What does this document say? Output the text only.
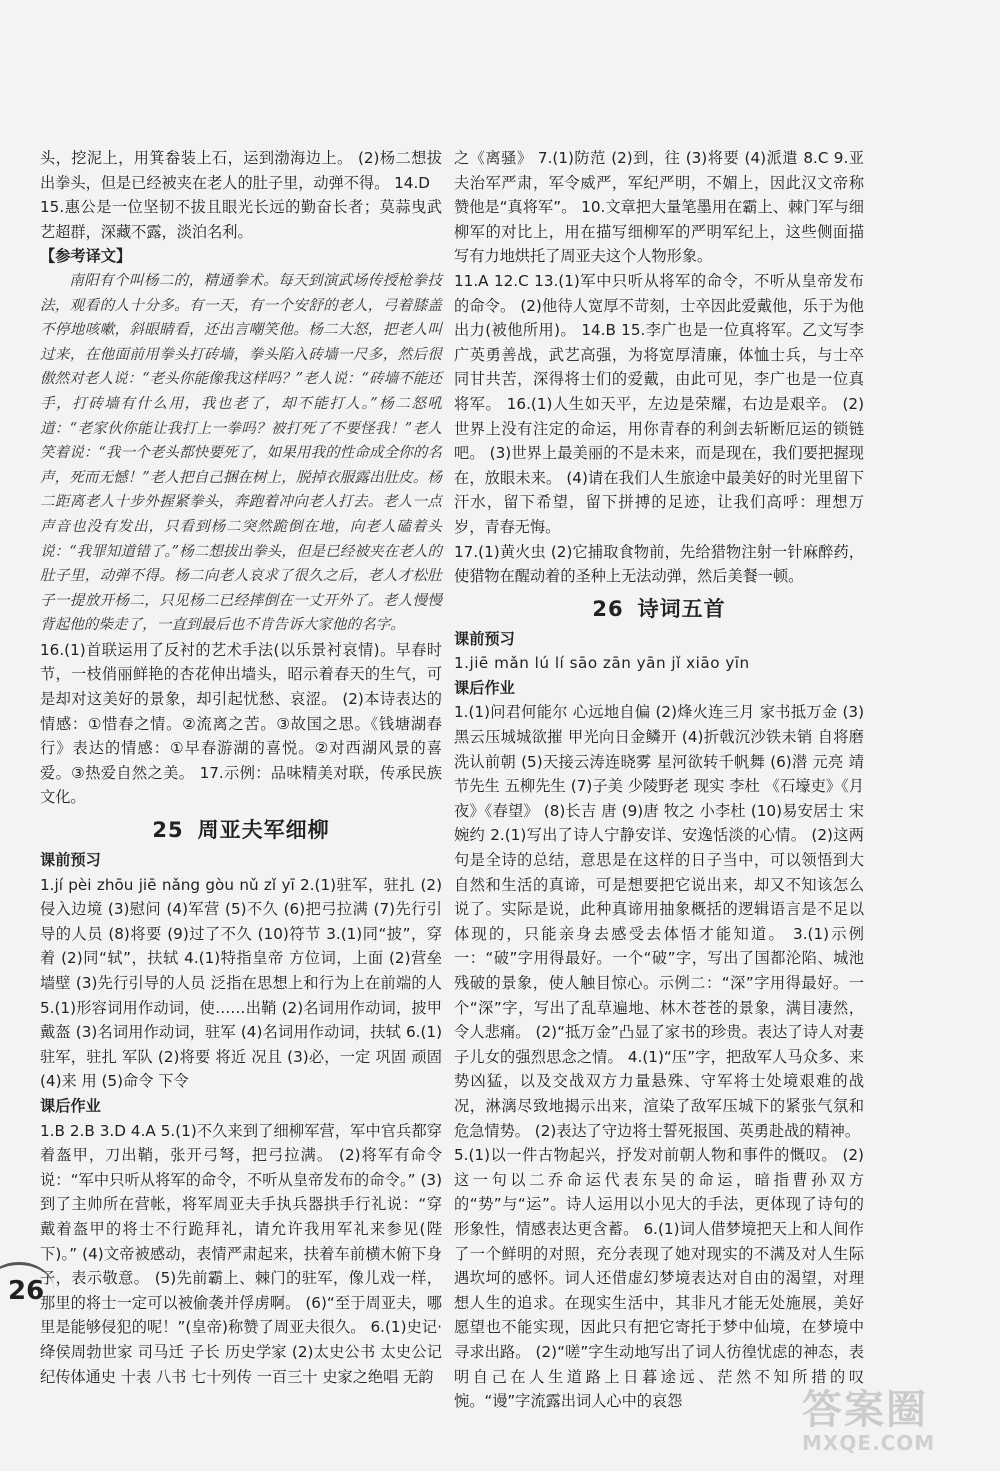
头，挖泥上，用箕畚装上石，运到渤海边上。 (2)杨二想拔出拳头，但是已经被夹在老人的肚子里，动弹不得。 14.D

15.惠公是一位坚韧不拔且眼光长远的勤奋长者；莫蒜曳武艺超群，深藏不露，淡泊名利。

【参考译文】

南阳有个叫杨二的，精通拳术。每天到演武场传授枪拳技法，观看的人十分多。有一天，有一个安舒的老人，弓着膝盖不停地咳嗽，斜眼睛看，还出言嘲笑他。杨二大怒，把老人叫过来，在他面前用拳头打砖墙，拳头陷入砖墙一尺多，然后很傲然对老人说：“老头你能像我这样吗？”老人说：“砖墙不能还手，打砖墙有什么用，我也老了，却不能打人。”杨二怒吼道：“老家伙你能让我打上一拳吗？被打死了不要怪我！”老人笑着说：“我一个老头都快要死了，如果用我的性命成全你的名声，死而无憾！”老人把自己捆在树上，脱掉衣服露出肚皮。杨二距离老人十步外握紧拳头，奔跑着冲向老人打去。老人一点声音也没有发出，只看到杨二突然跪倒在地，向老人磕着头说：“我罪知道错了。”杨二想拔出拳头，但是已经被夹在老人的肚子里，动弹不得。杨二向老人哀求了很久之后，老人才松肚子一提放开杨二，只见杨二已经摔倒在一丈开外了。老人慢慢背起他的柴走了，一直到最后也不肯告诉大家他的名字。

16.(1)首联运用了反衬的艺术手法(以乐景衬哀情)。早春时节，一枝俏丽鲜艳的杏花伸出墙头，昭示着春天的生气，可是却对这美好的景象，却引起忧愁、哀涩。 (2)本诗表达的情感：①惜春之情。②流离之苦。③故国之思。《钱塘湖春行》表达的情感：①早春游湖的喜悦。②对西湖风景的喜爱。③热爱自然之美。 17.示例：品味精美对联，传承民族文化。

25 周亚夫军细柳

课前预习

1.jí pèi zhōu jiē nǎng gòu nǔ zǐ yī 2.(1)驻军，驻扎 (2)侵入边境 (3)慰问 (4)军营 (5)不久 (6)把弓拉满 (7)先行引导的人员 (8)将要 (9)过了不久 (10)符节 3.(1)同“披”，穿着 (2)同“轼”，扶轼 4.(1)特指皇帝 方位词，上面 (2)营垒 墙壁 (3)先行引导的人员 泛指在思想上和行为上在前端的人 5.(1)形容词用作动词，使……出鞘 (2)名词用作动词，披甲戴盔 (3)名词用作动词，驻军 (4)名词用作动词，扶轼 6.(1)驻军，驻扎 军队 (2)将要 将近 况且 (3)必，一定 巩固 顽固 (4)来 用 (5)命令 下令

课后作业

1.B 2.B 3.D 4.A 5.(1)不久来到了细柳军营，军中官兵都穿着盔甲，刀出鞘，张开弓弩，把弓拉满。 (2)将军有命令说：“军中只听从将军的命令，不听从皇帝发布的命令。” (3)到了主帅所在营帐，将军周亚夫手执兵器拱手行礼说：“穿戴着盔甲的将士不行跪拜礼，请允许我用军礼来参见(陛下)。” (4)文帝被感动，表情严肃起来，扶着车前横木俯下身子，表示敬意。 (5)先前霸上、棘门的驻军，像儿戏一样，那里的将士一定可以被偷袭并俘虏啊。 (6)“至于周亚夫，哪里是能够侵犯的呢！”(皇帝)称赞了周亚夫很久。 6.(1)史记·绛侯周勃世家 司马迁 子长 历史学家 (2)太史公书 太史公记 纪传体通史 十表 八书 七十列传 一百三十 史家之绝唱 无韵

之《离骚》 7.(1)防范 (2)到，往 (3)将要 (4)派遣 8.C 9.亚夫治军严肃，军令威严，军纪严明，不媚上，因此汉文帝称赞他是“真将军”。 10.文章把大量笔墨用在霸上、棘门军与细柳军的对比上，用在描写细柳军的严明军纪上，这些侧面描写有力地烘托了周亚夫这个人物形象。

11.A 12.C 13.(1)军中只听从将军的命令，不听从皇帝发布的命令。 (2)他待人宽厚不苛刻，士卒因此爱戴他，乐于为他出力(被他所用)。 14.B 15.李广也是一位真将军。乙文写李广英勇善战，武艺高强，为将宽厚清廉，体恤士兵，与士卒同甘共苦，深得将士们的爱戴，由此可见，李广也是一位真将军。 16.(1)人生如天平，左边是荣耀，右边是艰辛。 (2)世界上没有注定的命运，用你青春的利剑去斩断厄运的锁链吧。 (3)世界上最美丽的不是未来，而是现在，我们要把握现在，放眼未来。 (4)请在我们人生旅途中最美好的时光里留下汗水，留下希望，留下拼搏的足迹，让我们高呼：理想万岁，青春无悔。

17.(1)黄火虫 (2)它捕取食物前，先给猎物注射一针麻醉药，使猎物在醒动着的圣种上无法动弹，然后美餐一顿。

26 诗词五首

课前预习

1.jiē mǎn lú lí sāo zān yān jǐ xiāo yīn

课后作业

1.(1)问君何能尔 心远地自偏 (2)烽火连三月 家书抵万金 (3)黑云压城城欲摧 甲光向日金鳞开 (4)折戟沉沙铁未销 自将磨洗认前朝 (5)天接云涛连晓雾 星河欲转千帆舞 (6)潜 元亮 靖节先生 五柳先生 (7)子美 少陵野老 现实 李杜 《石壕吏》《月夜》《春望》 (8)长吉 唐 (9)唐 牧之 小李杜 (10)易安居士 宋 婉约 2.(1)写出了诗人宁静安详、安逸恬淡的心情。 (2)这两句是全诗的总结，意思是在这样的日子当中，可以领悟到大自然和生活的真谛，可是想要把它说出来，却又不知该怎么说了。实际是说，此种真谛用抽象概括的逻辑语言是不足以体现的，只能亲身去感受去体悟才能知道。 3.(1)示例一：“破”字用得最好。一个“破”字，写出了国都沦陷、城池残破的景象，使人触目惊心。示例二：“深”字用得最好。一个“深”字，写出了乱草遍地、林木苍苍的景象，满目凄然，令人悲痛。 (2)“抵万金”凸显了家书的珍贵。表达了诗人对妻子儿女的强烈思念之情。 4.(1)“压”字，把敌军人马众多、来势凶猛，以及交战双方力量悬殊、守军将士处境艰难的战况，淋漓尽致地揭示出来，渲染了敌军压城下的紧张气氛和危急情势。 (2)表达了守边将士誓死报国、英勇赴战的精神。

5.(1)以一件古物起兴，抒发对前朝人物和事件的慨叹。 (2)这一句以二乔命运代表东吴的命运，暗指曹孙双方的“势”与“运”。诗人运用以小见大的手法，更体现了诗句的形象性，情感表达更含蓄。 6.(1)词人借梦境把天上和人间作了一个鲜明的对照，充分表现了她对现实的不满及对人生际遇坎坷的感怀。词人还借虚幻梦境表达对自由的渴望，对理想人生的追求。在现实生活中，其非凡才能无处施展，美好愿望也不能实现，因此只有把它寄托于梦中仙境，在梦境中寻求出路。 (2)“嗟”字生动地写出了词人彷徨忧虑的神态，表明自己在人生道路上日暮途远、茫然不知所措的叹惋。“谩”字流露出词人心中的哀怨

26
答案圈
MXQE.COM
